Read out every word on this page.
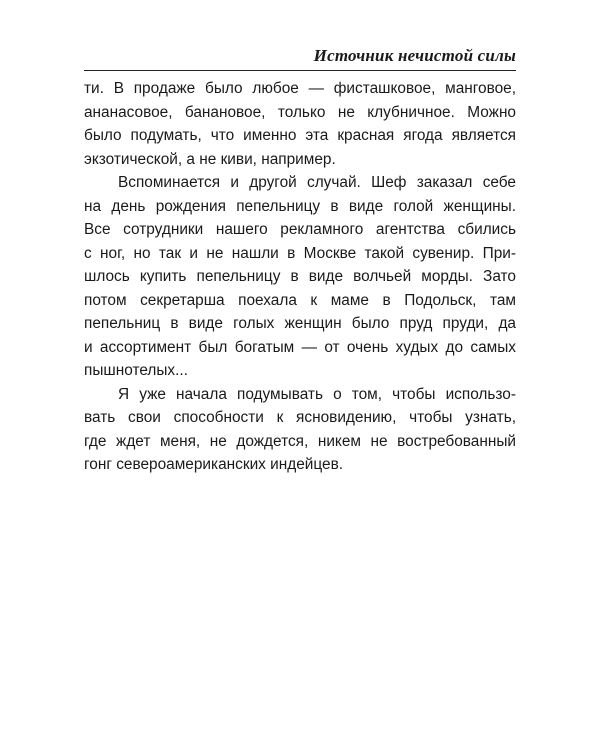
Источник нечистой силы
ти. В продаже было любое — фисташковое, манговое,
ананасовое, банановое, только не клубничное. Можно
было подумать, что именно эта красная ягода является
экзотической, а не киви, например.
Вспоминается и другой случай. Шеф заказал себе
на день рождения пепельницу в виде голой женщины.
Все сотрудники нашего рекламного агентства сбились
с ног, но так и не нашли в Москве такой сувенир. При-
шлось купить пепельницу в виде волчьей морды. Зато
потом секретарша поехала к маме в Подольск, там
пепельниц в виде голых женщин было пруд пруди, да
и ассортимент был богатым — от очень худых до самых
пышнотелых...
Я уже начала подумывать о том, чтобы использо-
вать свои способности к ясновидению, чтобы узнать,
где ждет меня, не дождется, никем не востребованный
гонг североамериканских индейцев.
